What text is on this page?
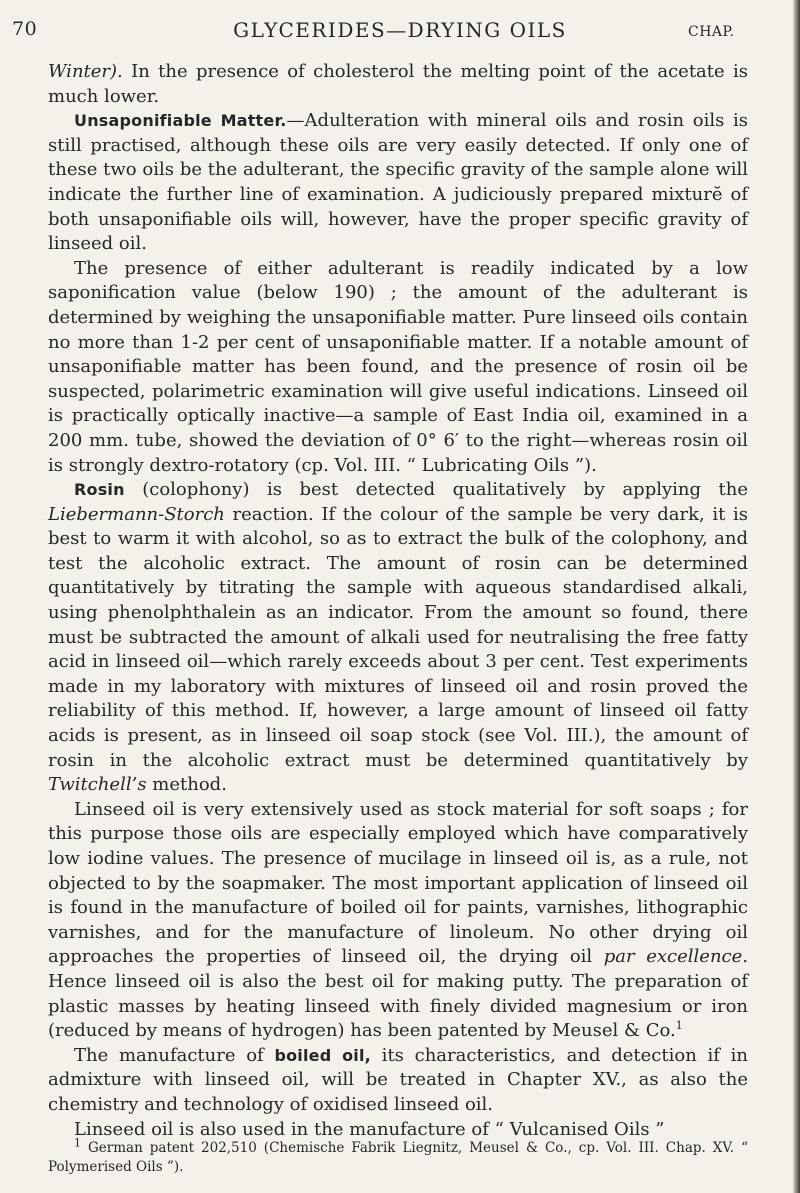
70	GLYCERIDES—DRYING OILS	CHAP.

Winter). In the presence of cholesterol the melting point of the acetate is much lower.

Unsaponifiable Matter.—Adulteration with mineral oils and rosin oils is still practised, although these oils are very easily detected. If only one of these two oils be the adulterant, the specific gravity of the sample alone will indicate the further line of examination. A judiciously prepared mixturĕ of both unsaponifiable oils will, however, have the proper specific gravity of linseed oil.

The presence of either adulterant is readily indicated by a low saponification value (below 190) ; the amount of the adulterant is determined by weighing the unsaponifiable matter. Pure linseed oils contain no more than 1-2 per cent of unsaponifiable matter. If a notable amount of unsaponifiable matter has been found, and the presence of rosin oil be suspected, polarimetric examination will give useful indications. Linseed oil is practically optically inactive—a sample of East India oil, examined in a 200 mm. tube, showed the deviation of 0° 6′ to the right—whereas rosin oil is strongly dextro-rotatory (cp. Vol. III. “ Lubricating Oils ”).

Rosin (colophony) is best detected qualitatively by applying the Liebermann-Storch reaction. If the colour of the sample be very dark, it is best to warm it with alcohol, so as to extract the bulk of the colophony, and test the alcoholic extract. The amount of rosin can be determined quantitatively by titrating the sample with aqueous standardised alkali, using phenolphthalein as an indicator. From the amount so found, there must be subtracted the amount of alkali used for neutralising the free fatty acid in linseed oil—which rarely exceeds about 3 per cent. Test experiments made in my laboratory with mixtures of linseed oil and rosin proved the reliability of this method. If, however, a large amount of linseed oil fatty acids is present, as in linseed oil soap stock (see Vol. III.), the amount of rosin in the alcoholic extract must be determined quantitatively by Twitchell’s method.

Linseed oil is very extensively used as stock material for soft soaps ; for this purpose those oils are especially employed which have comparatively low iodine values. The presence of mucilage in linseed oil is, as a rule, not objected to by the soapmaker. The most important application of linseed oil is found in the manufacture of boiled oil for paints, varnishes, lithographic varnishes, and for the manufacture of linoleum. No other drying oil approaches the properties of linseed oil, the drying oil par excellence. Hence linseed oil is also the best oil for making putty. The preparation of plastic masses by heating linseed with finely divided magnesium or iron (reduced by means of hydrogen) has been patented by Meusel & Co.$^1$

The manufacture of boiled oil, its characteristics, and detection if in admixture with linseed oil, will be treated in Chapter XV., as also the chemistry and technology of oxidised linseed oil.

Linseed oil is also used in the manufacture of “ Vulcanised Oils ”

$^1$ German patent 202,510 (Chemische Fabrik Liegnitz, Meusel & Co., cp. Vol. III. Chap. XV. “ Polymerised Oils ”).
